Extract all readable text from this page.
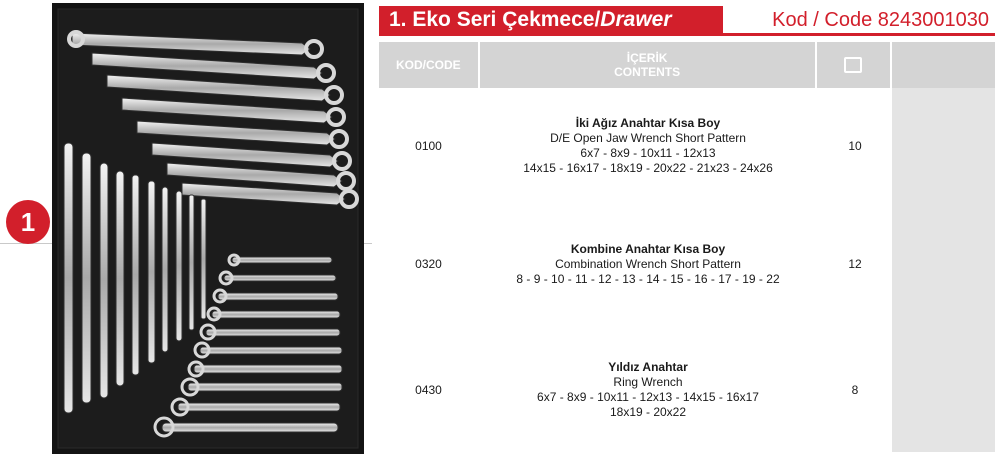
1
1. Eko Seri Çekmece/Drawer	Kod / Code 8243001030
KOD/CODE	İÇERİK
CONTENTS
0100
İki Ağız Anahtar Kısa Boy
D/E Open Jaw Wrench Short Pattern
6x7 - 8x9 - 10x11 - 12x13
14x15 - 16x17 - 18x19 - 20x22 - 21x23 - 24x26
10
0320
Kombine Anahtar Kısa Boy
Combination Wrench Short Pattern
8 - 9 - 10 - 11 - 12 - 13 - 14 - 15 - 16 - 17 - 19 - 22
12
0430
Yıldız Anahtar
Ring Wrench
6x7 - 8x9 - 10x11 - 12x13 - 14x15 - 16x17
18x19 - 20x22
8
